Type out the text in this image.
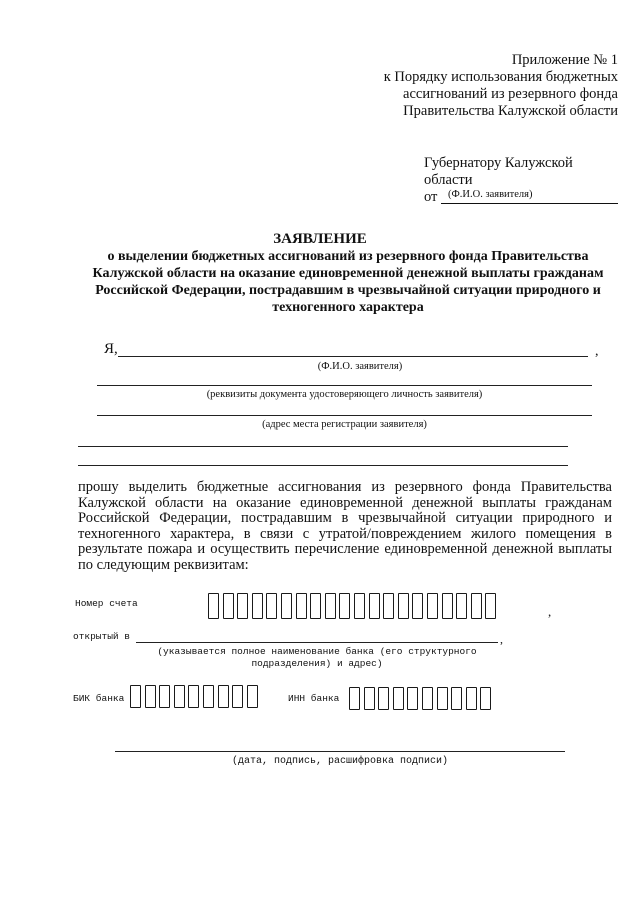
Приложение № 1
к Порядку использования бюджетных
ассигнований из резервного фонда
Правительства Калужской области
Губернатору Калужской области
от	(Ф.И.О. заявителя)
ЗАЯВЛЕНИЕ
о выделении бюджетных ассигнований из резервного фонда Правительства Калужской области на оказание единовременной денежной выплаты гражданам Российской Федерации, пострадавшим в чрезвычайной ситуации природного и техногенного характера
Я,	,
(Ф.И.О. заявителя)
(реквизиты документа удостоверяющего личность заявителя)
(адрес места регистрации заявителя)
прошу выделить бюджетные ассигнования из резервного фонда Правительства Калужской области на оказание единовременной денежной выплаты гражданам Российской Федерации, пострадавшим в чрезвычайной ситуации природного и техногенного характера, в связи с утратой/повреждением жилого помещения в результате пожара и осуществить перечисление единовременной денежной выплаты по следующим реквизитам:
Номер счета
,
открытый в	,
(указывается полное наименование банка (его структурного
подразделения) и адрес)
БИК банка	ИНН банка
(дата, подпись, расшифровка подписи)
